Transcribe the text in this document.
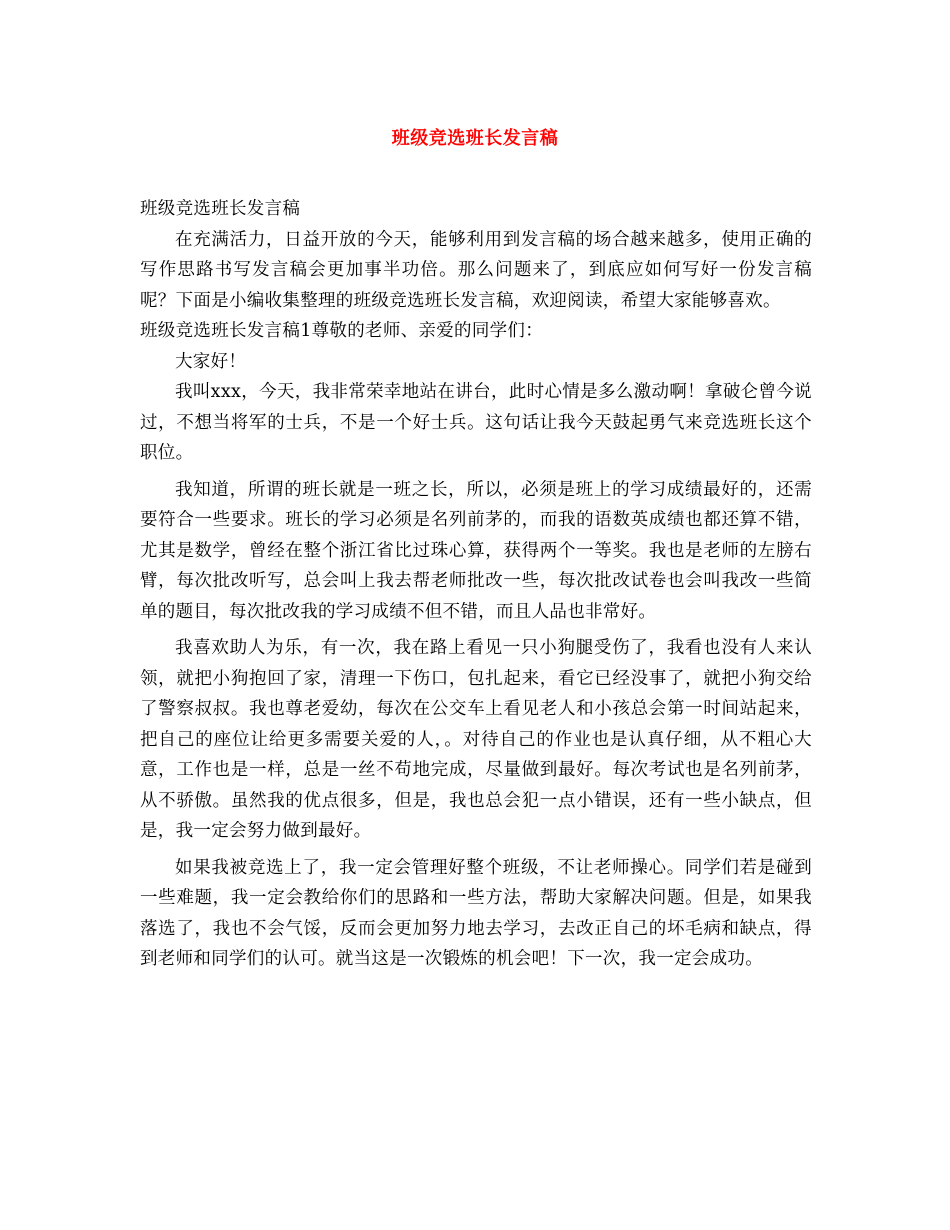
班级竞选班长发言稿

班级竞选班长发言稿

在充满活力，日益开放的今天，能够利用到发言稿的场合越来越多，使用正确的写作思路书写发言稿会更加事半功倍。那么问题来了，到底应如何写好一份发言稿呢？下面是小编收集整理的班级竞选班长发言稿，欢迎阅读，希望大家能够喜欢。

班级竞选班长发言稿1尊敬的老师、亲爱的同学们：

大家好！

我叫xxx，今天，我非常荣幸地站在讲台，此时心情是多么激动啊！拿破仑曾今说过，不想当将军的士兵，不是一个好士兵。这句话让我今天鼓起勇气来竞选班长这个职位。

我知道，所谓的班长就是一班之长，所以，必须是班上的学习成绩最好的，还需要符合一些要求。班长的学习必须是名列前茅的，而我的语数英成绩也都还算不错，尤其是数学，曾经在整个浙江省比过珠心算，获得两个一等奖。我也是老师的左膀右臂，每次批改听写，总会叫上我去帮老师批改一些，每次批改试卷也会叫我改一些简单的题目，每次批改我的学习成绩不但不错，而且人品也非常好。

我喜欢助人为乐，有一次，我在路上看见一只小狗腿受伤了，我看也没有人来认领，就把小狗抱回了家，清理一下伤口，包扎起来，看它已经没事了，就把小狗交给了警察叔叔。我也尊老爱幼，每次在公交车上看见老人和小孩总会第一时间站起来，把自己的座位让给更多需要关爱的人，。对待自己的作业也是认真仔细，从不粗心大意，工作也是一样，总是一丝不苟地完成，尽量做到最好。每次考试也是名列前茅，从不骄傲。虽然我的优点很多，但是，我也总会犯一点小错误，还有一些小缺点，但是，我一定会努力做到最好。

如果我被竞选上了，我一定会管理好整个班级，不让老师操心。同学们若是碰到一些难题，我一定会教给你们的思路和一些方法，帮助大家解决问题。但是，如果我落选了，我也不会气馁，反而会更加努力地去学习，去改正自己的坏毛病和缺点，得到老师和同学们的认可。就当这是一次锻炼的机会吧！下一次，我一定会成功。
